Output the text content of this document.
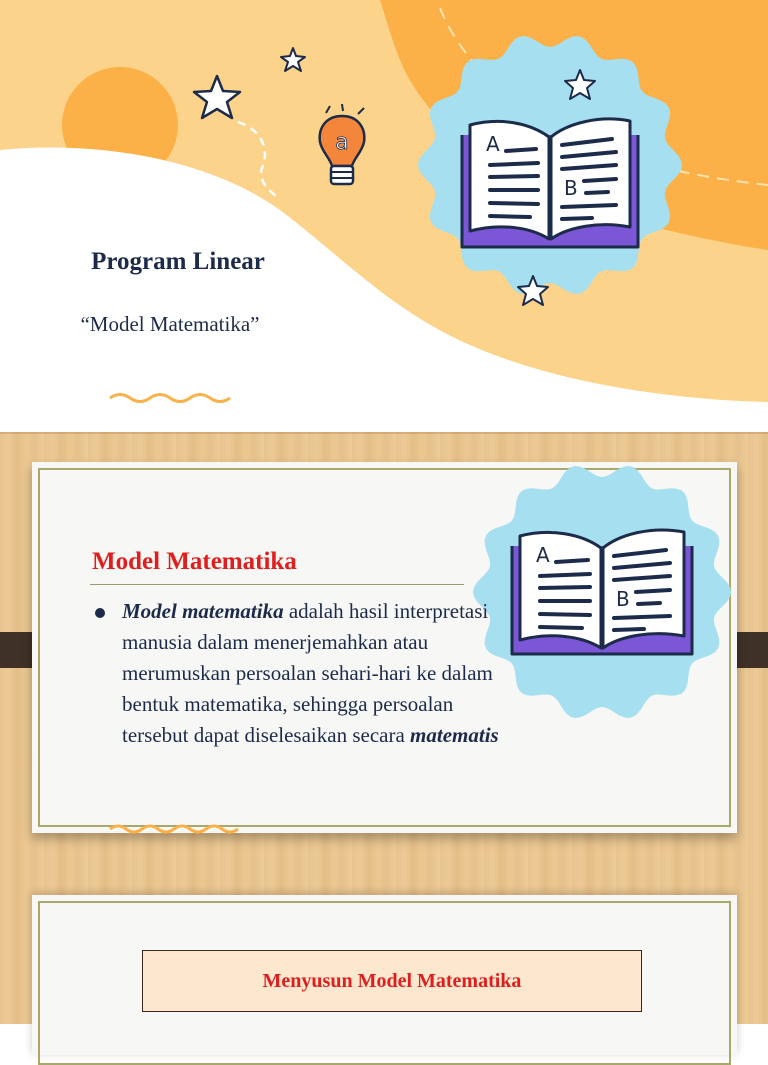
a	A
B
Program Linear
“Model Matematika”
A
B
Model Matematika
Model matematika adalah hasil interpretasi manusia dalam menerjemahkan atau merumuskan persoalan sehari-hari ke dalam bentuk matematika, sehingga persoalan tersebut dapat diselesaikan secara matematis
Menyusun Model Matematika
